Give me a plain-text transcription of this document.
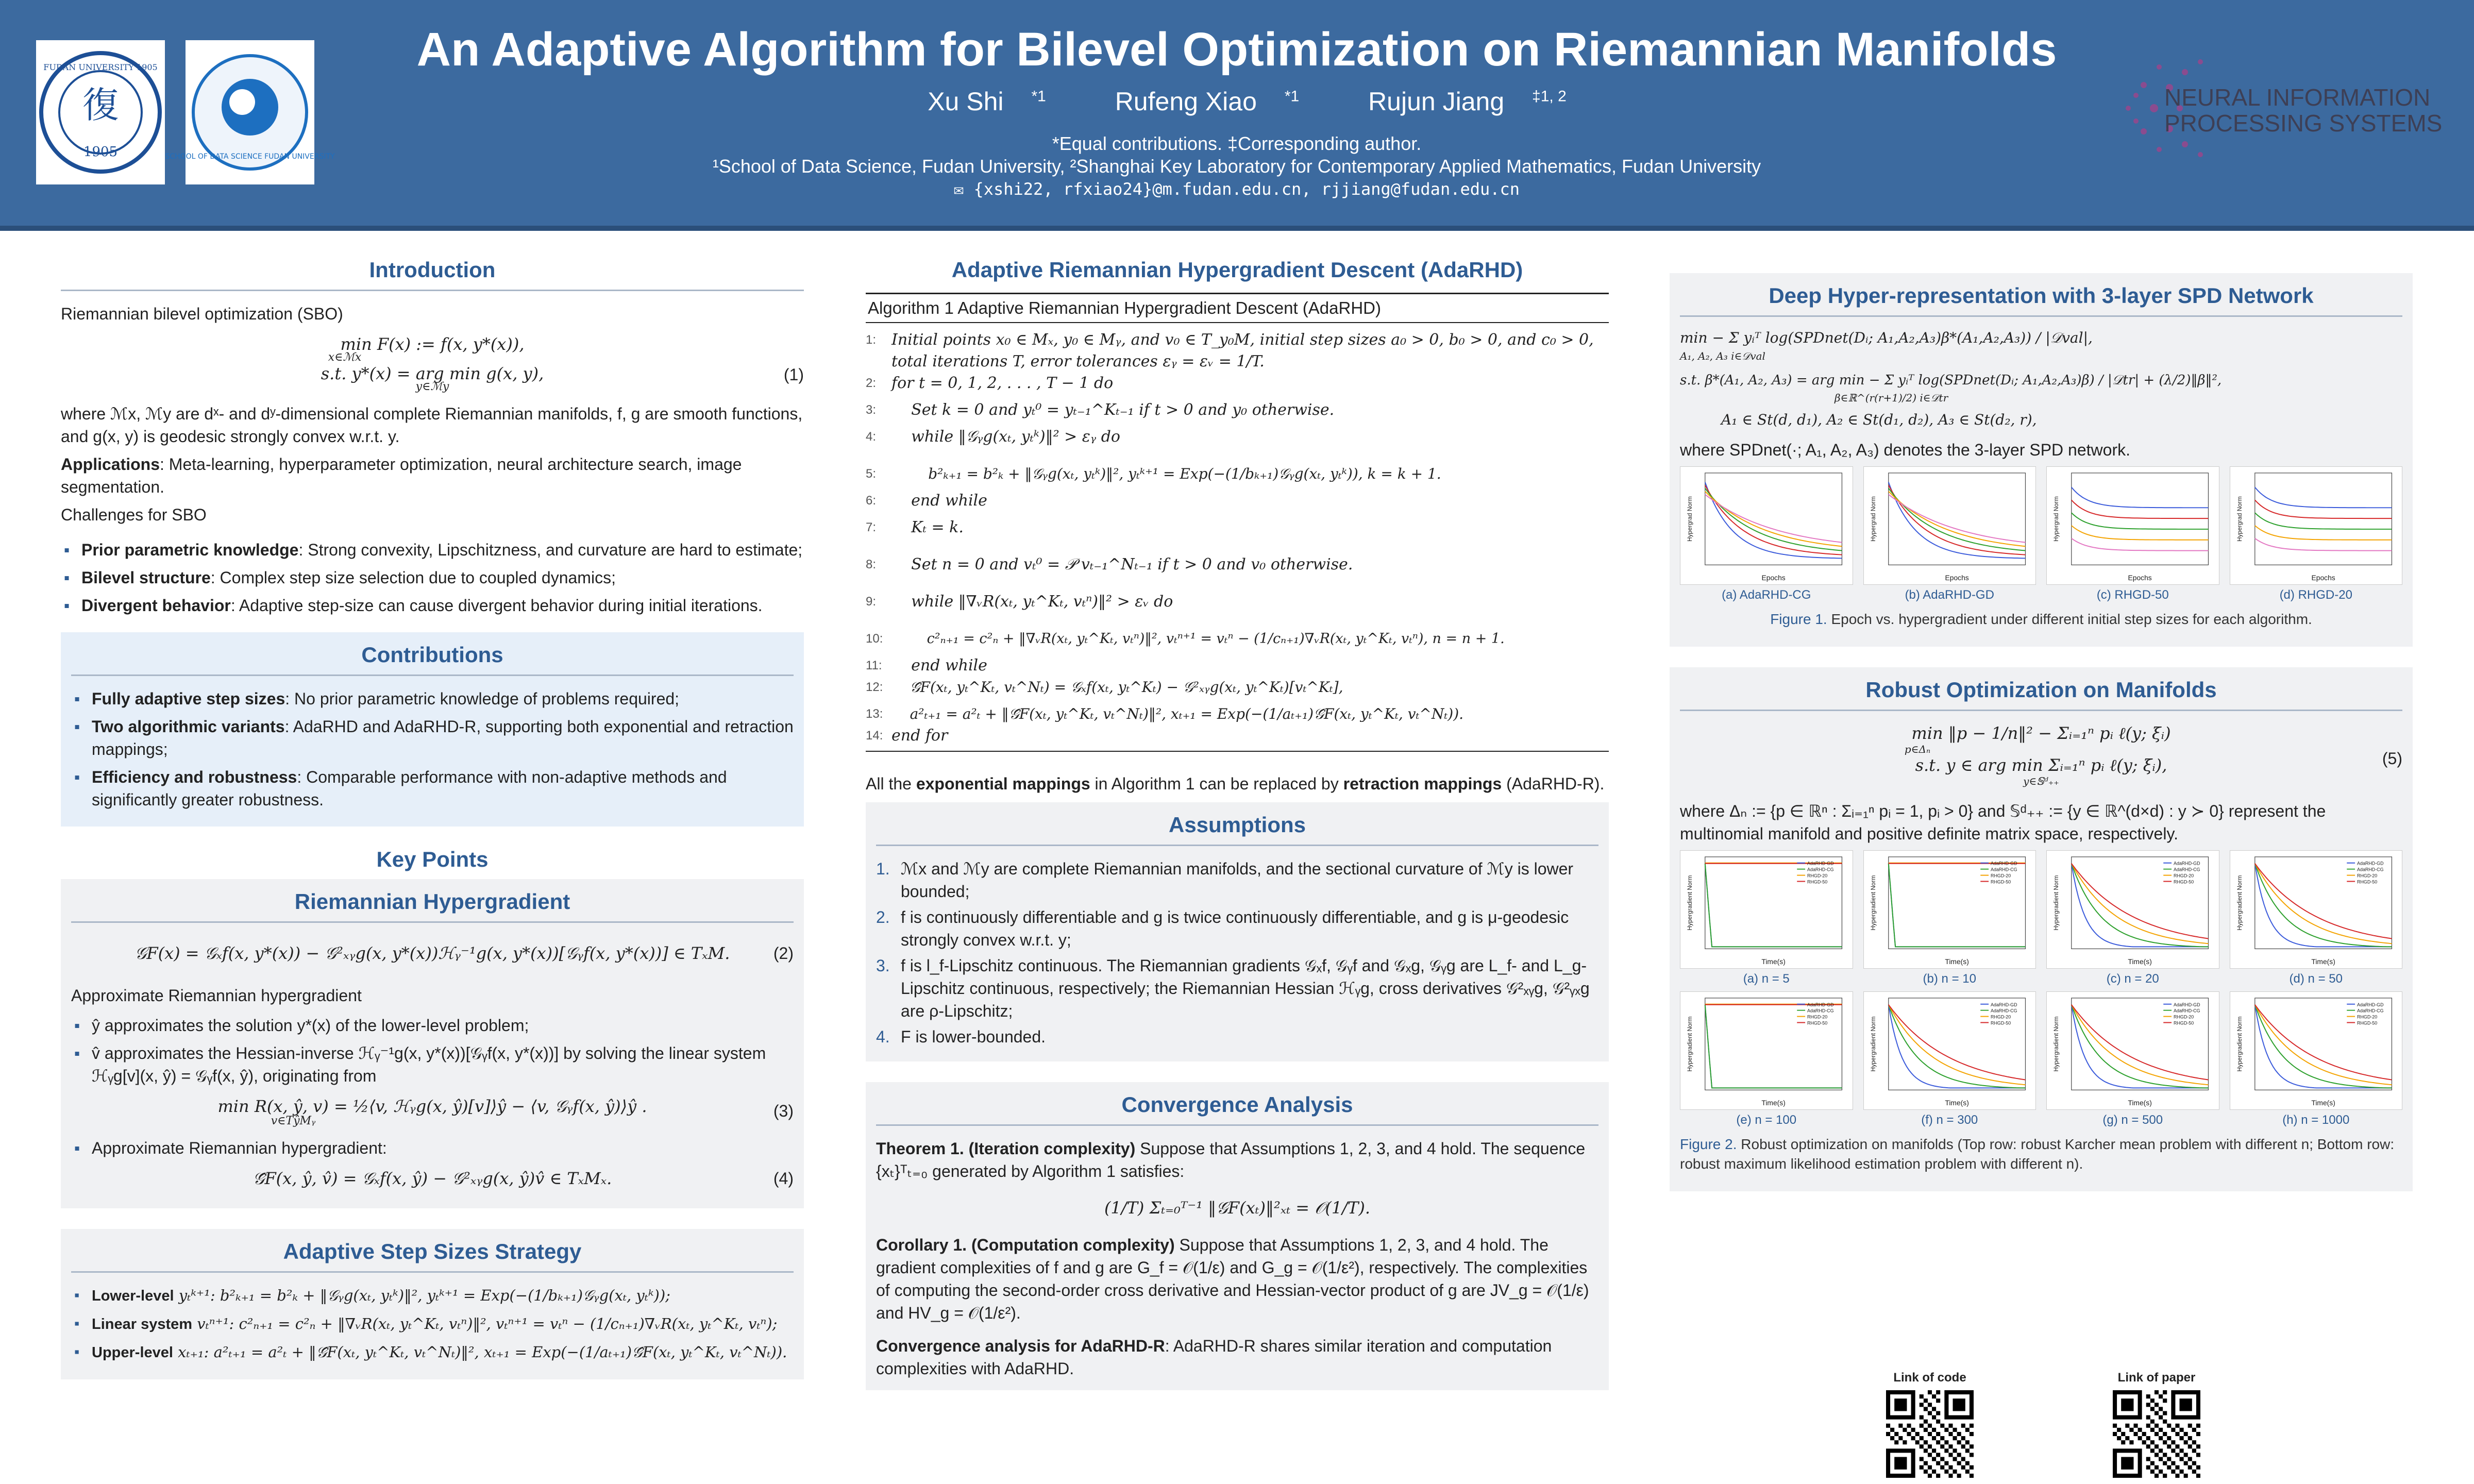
復
1905
FUDAN UNIVERSITY 1905
SCHOOL OF DATA SCIENCE FUDAN UNIVERSITY
An Adaptive Algorithm for Bilevel Optimization on Riemannian Manifolds
Xu Shi $^{*1}$	Rufeng Xiao $^{*1}$	Rujun Jiang $^{\ddagger 1, 2}$
*Equal contributions. ‡Corresponding author.
¹School of Data Science, Fudan University, ²Shanghai Key Laboratory for Contemporary Applied Mathematics, Fudan University
✉ {xshi22, rfxiao24}@m.fudan.edu.cn, rjjiang@fudan.edu.cn
NEURAL INFORMATION
PROCESSING SYSTEMS
Introduction
Riemannian bilevel optimization (SBO)
min F(x) := f(x, y*(x)),
x∈ℳx
s.t. y*(x) = arg min g(x, y),
y∈ℳy
(1)
where ℳx, ℳy are dˣ- and dʸ-dimensional complete Riemannian manifolds, f, g are smooth functions, and g(x, y) is geodesic strongly convex w.r.t. y.
Applications: Meta-learning, hyperparameter optimization, neural architecture search, image segmentation.
Challenges for SBO
▪ Prior parametric knowledge: Strong convexity, Lipschitzness, and curvature are hard to estimate;
▪ Bilevel structure: Complex step size selection due to coupled dynamics;
▪ Divergent behavior: Adaptive step-size can cause divergent behavior during initial iterations.
Contributions
▪ Fully adaptive step sizes: No prior parametric knowledge of problems required;
▪ Two algorithmic variants: AdaRHD and AdaRHD-R, supporting both exponential and retraction mappings;
▪ Efficiency and robustness: Comparable performance with non-adaptive methods and significantly greater robustness.
Key Points
Riemannian Hypergradient
𝒢F(x) = 𝒢ₓf(x, y*(x)) − 𝒢²ₓᵧg(x, y*(x))ℋᵧ⁻¹g(x, y*(x))[𝒢ᵧf(x, y*(x))] ∈ TₓM.	(2)
Approximate Riemannian hypergradient
▪ ŷ approximates the solution y*(x) of the lower-level problem;
▪ v̂ approximates the Hessian-inverse ℋᵧ⁻¹g(x, y*(x))[𝒢ᵧf(x, y*(x))] by solving the linear system ℋᵧg[v](x, ŷ) = 𝒢ᵧf(x, ŷ), originating from
min R(x, ŷ, v) = ½⟨v, ℋᵧg(x, ŷ)[v]⟩ŷ − ⟨v, 𝒢ᵧf(x, ŷ)⟩ŷ .
v∈TŷMᵧ
(3)
▪ Approximate Riemannian hypergradient:
𝒢̂F(x, ŷ, v̂) = 𝒢ₓf(x, ŷ) − 𝒢²ₓᵧg(x, ŷ)v̂ ∈ TₓMₓ.	(4)
Adaptive Step Sizes Strategy
▪ Lower-level yₜᵏ⁺¹: b²ₖ₊₁ = b²ₖ + ‖𝒢ᵧg(xₜ, yₜᵏ)‖², yₜᵏ⁺¹ = Exp(−(1/bₖ₊₁)𝒢ᵧg(xₜ, yₜᵏ));
▪ Linear system vₜⁿ⁺¹: c²ₙ₊₁ = c²ₙ + ‖∇ᵥR(xₜ, yₜ^Kₜ, vₜⁿ)‖², vₜⁿ⁺¹ = vₜⁿ − (1/cₙ₊₁)∇ᵥR(xₜ, yₜ^Kₜ, vₜⁿ);
▪ Upper-level xₜ₊₁: a²ₜ₊₁ = a²ₜ + ‖𝒢̂F(xₜ, yₜ^Kₜ, vₜ^Nₜ)‖², xₜ₊₁ = Exp(−(1/aₜ₊₁)𝒢̂F(xₜ, yₜ^Kₜ, vₜ^Nₜ)).
Adaptive Riemannian Hypergradient Descent (AdaRHD)
Algorithm 1 Adaptive Riemannian Hypergradient Descent (AdaRHD)
1: Initial points x₀ ∈ Mₓ, y₀ ∈ Mᵧ, and v₀ ∈ T_y₀M, initial step sizes a₀ > 0, b₀ > 0, and c₀ > 0, total iterations T, error tolerances εᵧ = εᵥ = 1/T.
2: for t = 0, 1, 2, . . . , T − 1 do
3: Set k = 0 and yₜ⁰ = yₜ₋₁^Kₜ₋₁ if t > 0 and y₀ otherwise.
4: while ‖𝒢ᵧg(xₜ, yₜᵏ)‖² > εᵧ do
5:	b²ₖ₊₁ = b²ₖ + ‖𝒢ᵧg(xₜ, yₜᵏ)‖², yₜᵏ⁺¹ = Exp(−(1/bₖ₊₁)𝒢ᵧg(xₜ, yₜᵏ)), k = k + 1.
6: end while
7: Kₜ = k.
8: Set n = 0 and vₜ⁰ = 𝒫 vₜ₋₁^Nₜ₋₁ if t > 0 and v₀ otherwise.
9: while ‖∇ᵥR(xₜ, yₜ^Kₜ, vₜⁿ)‖² > εᵥ do
10: c²ₙ₊₁ = c²ₙ + ‖∇ᵥR(xₜ, yₜ^Kₜ, vₜⁿ)‖², vₜⁿ⁺¹ = vₜⁿ − (1/cₙ₊₁)∇ᵥR(xₜ, yₜ^Kₜ, vₜⁿ), n = n + 1.
11: end while
12: 𝒢̂F(xₜ, yₜ^Kₜ, vₜ^Nₜ) = 𝒢ₓf(xₜ, yₜ^Kₜ) − 𝒢²ₓᵧg(xₜ, yₜ^Kₜ)[vₜ^Kₜ],
13: a²ₜ₊₁ = a²ₜ + ‖𝒢̂F(xₜ, yₜ^Kₜ, vₜ^Nₜ)‖², xₜ₊₁ = Exp(−(1/aₜ₊₁)𝒢̂F(xₜ, yₜ^Kₜ, vₜ^Nₜ)).
14: end for
All the exponential mappings in Algorithm 1 can be replaced by retraction mappings (AdaRHD-R).
Assumptions
1. ℳx and ℳy are complete Riemannian manifolds, and the sectional curvature of ℳy is lower bounded;
2. f is continuously differentiable and g is twice continuously differentiable, and g is μ-geodesic strongly convex w.r.t. y;
3. f is l_f-Lipschitz continuous. The Riemannian gradients 𝒢ₓf, 𝒢ᵧf and 𝒢ₓg, 𝒢ᵧg are L_f- and L_g-Lipschitz continuous, respectively; the Riemannian Hessian ℋᵧg, cross derivatives 𝒢²ₓᵧg, 𝒢²ᵧₓg are ρ-Lipschitz;
4. F is lower-bounded.
Convergence Analysis
Theorem 1. (Iteration complexity) Suppose that Assumptions 1, 2, 3, and 4 hold. The sequence {xₜ}ᵀₜ₌₀ generated by Algorithm 1 satisfies:
(1/T) Σₜ₌₀ᵀ⁻¹ ‖𝒢F(xₜ)‖²ₓₜ = 𝒪(1/T).
Corollary 1. (Computation complexity) Suppose that Assumptions 1, 2, 3, and 4 hold. The gradient complexities of f and g are G_f = 𝒪(1/ε) and G_g = 𝒪(1/ε²), respectively. The complexities of computing the second-order cross derivative and Hessian-vector product of g are JV_g = 𝒪(1/ε) and HV_g = 𝒪(1/ε²).
Convergence analysis for AdaRHD-R: AdaRHD-R shares similar iteration and computation complexities with AdaRHD.
Deep Hyper-representation with 3-layer SPD Network
min − Σ yᵢᵀ log(SPDnet(Dᵢ; A₁,A₂,A₃)β*(A₁,A₂,A₃)) / |𝒟val|,
A₁, A₂, A₃ i∈𝒟val
s.t. β*(A₁, A₂, A₃) = arg min − Σ yᵢᵀ log(SPDnet(Dᵢ; A₁,A₂,A₃)β) / |𝒟tr| + (λ/2)‖β‖²,
β∈ℝ^(r(r+1)/2) i∈𝒟tr
A₁ ∈ St(d, d₁), A₂ ∈ St(d₁, d₂), A₃ ∈ St(d₂, r),
where SPDnet(·; A₁, A₂, A₃) denotes the 3-layer SPD network.
Epochs
Hypergrad Norm
(a) AdaRHD-CG
Epochs
Hypergrad Norm
(b) AdaRHD-GD
Epochs
Hypergrad Norm
(c) RHGD-50
Epochs
Hypergrad Norm
(d) RHGD-20
Figure 1. Epoch vs. hypergradient under different initial step sizes for each algorithm.
Robust Optimization on Manifolds
min ‖p − 1/n‖² − Σᵢ₌₁ⁿ pᵢ ℓ(y; ξᵢ)
p∈Δₙ
s.t. y ∈ arg min Σᵢ₌₁ⁿ pᵢ ℓ(y; ξᵢ),
y∈𝕊ᵈ₊₊
(5)
where Δₙ := {p ∈ ℝⁿ : Σᵢ₌₁ⁿ pᵢ = 1, pᵢ > 0} and 𝕊ᵈ₊₊ := {y ∈ ℝ^(d×d) : y ≻ 0} represent the multinomial manifold and positive definite matrix space, respectively.
Time(s)
Hypergradient Norm
AdaRHD-GD
AdaRHD-CG
RHGD-20
RHGD-50
(a) n = 5
Time(s)
Hypergradient Norm
AdaRHD-GD
AdaRHD-CG
RHGD-20
RHGD-50
(b) n = 10
Time(s)
Hypergradient Norm
AdaRHD-GD
AdaRHD-CG
RHGD-20
RHGD-50
(c) n = 20
Time(s)
Hypergradient Norm
AdaRHD-GD
AdaRHD-CG
RHGD-20
RHGD-50
(d) n = 50
Time(s)
Hypergradient Norm
AdaRHD-GD
AdaRHD-CG
RHGD-20
RHGD-50
(e) n = 100
Time(s)
Hypergradient Norm
AdaRHD-GD
AdaRHD-CG
RHGD-20
RHGD-50
(f) n = 300
Time(s)
Hypergradient Norm
AdaRHD-GD
AdaRHD-CG
RHGD-20
RHGD-50
(g) n = 500
Time(s)
Hypergradient Norm
AdaRHD-GD
AdaRHD-CG
RHGD-20
RHGD-50
(h) n = 1000
Figure 2. Robust optimization on manifolds (Top row: robust Karcher mean problem with different n; Bottom row: robust maximum likelihood estimation problem with different n).
Link of code	Link of paper
